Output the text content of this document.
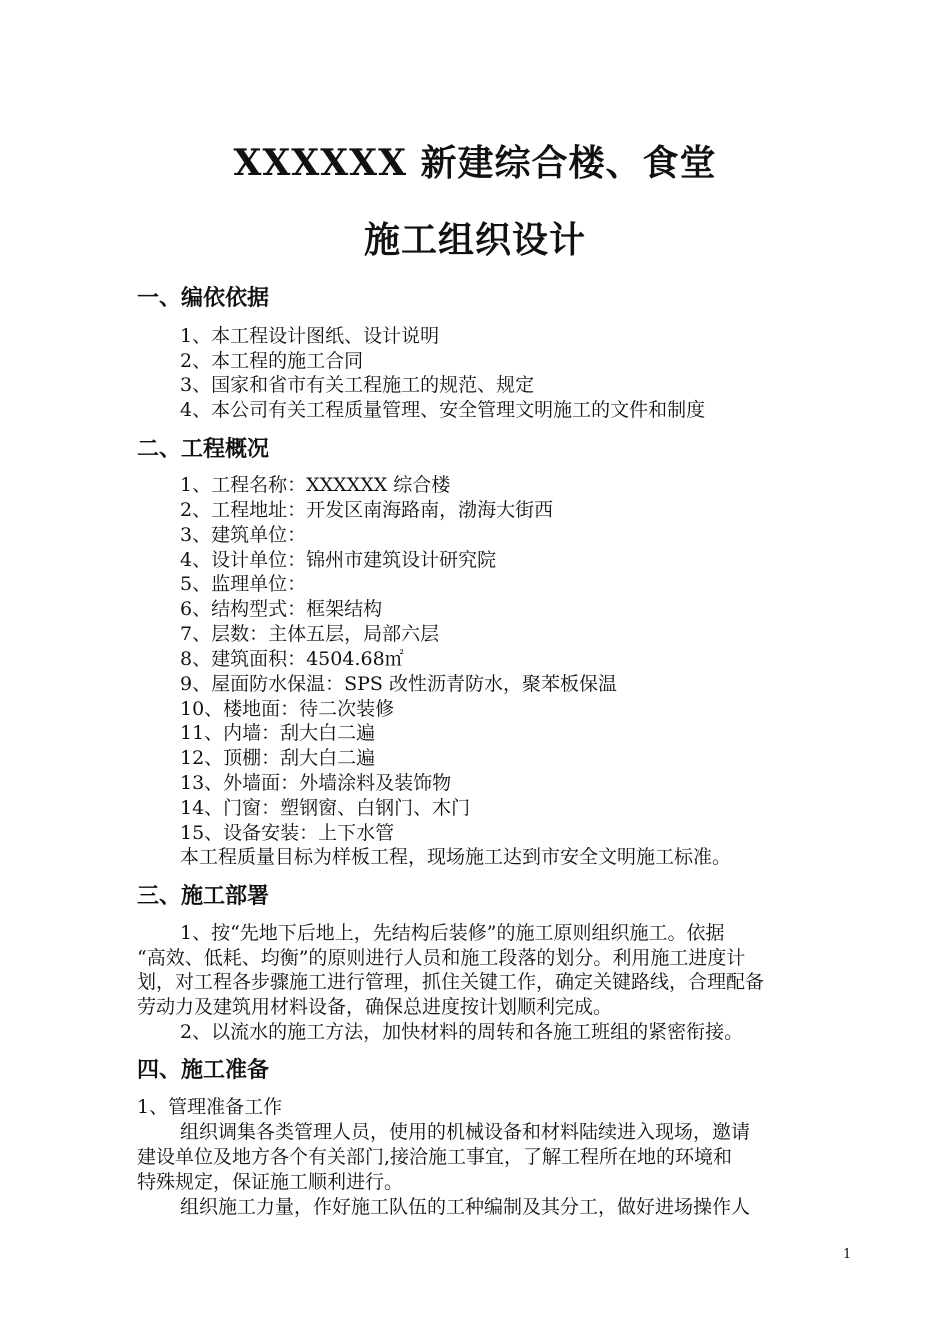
XXXXXX 新建综合楼、食堂
施工组织设计
一、编依依据

1、本工程设计图纸、设计说明

2、本工程的施工合同

3、国家和省市有关工程施工的规范、规定

4、本公司有关工程质量管理、安全管理文明施工的文件和制度

二、工程概况

1、工程名称：XXXXXX 综合楼

2、工程地址：开发区南海路南，渤海大街西

3、建筑单位：

4、设计单位：锦州市建筑设计研究院

5、监理单位：

6、结构型式：框架结构

7、层数：主体五层，局部六层

8、建筑面积：4504.68㎡

9、屋面防水保温：SPS 改性沥青防水，聚苯板保温

10、楼地面：待二次装修

11、内墙：刮大白二遍

12、顶棚：刮大白二遍

13、外墙面：外墙涂料及装饰物

14、门窗：塑钢窗、白钢门、木门

15、设备安装：上下水管

本工程质量目标为样板工程，现场施工达到市安全文明施工标准。

三、施工部署

1、按“先地下后地上，先结构后装修”的施工原则组织施工。依据

“高效、低耗、均衡”的原则进行人员和施工段落的划分。利用施工进度计

划，对工程各步骤施工进行管理，抓住关键工作，确定关键路线，合理配备

劳动力及建筑用材料设备，确保总进度按计划顺利完成。

2、以流水的施工方法，加快材料的周转和各施工班组的紧密衔接。

四、施工准备

1、管理准备工作

组织调集各类管理人员，使用的机械设备和材料陆续进入现场，邀请

建设单位及地方各个有关部门,接洽施工事宜，了解工程所在地的环境和

特殊规定，保证施工顺利进行。

组织施工力量，作好施工队伍的工种编制及其分工，做好进场操作人

1
